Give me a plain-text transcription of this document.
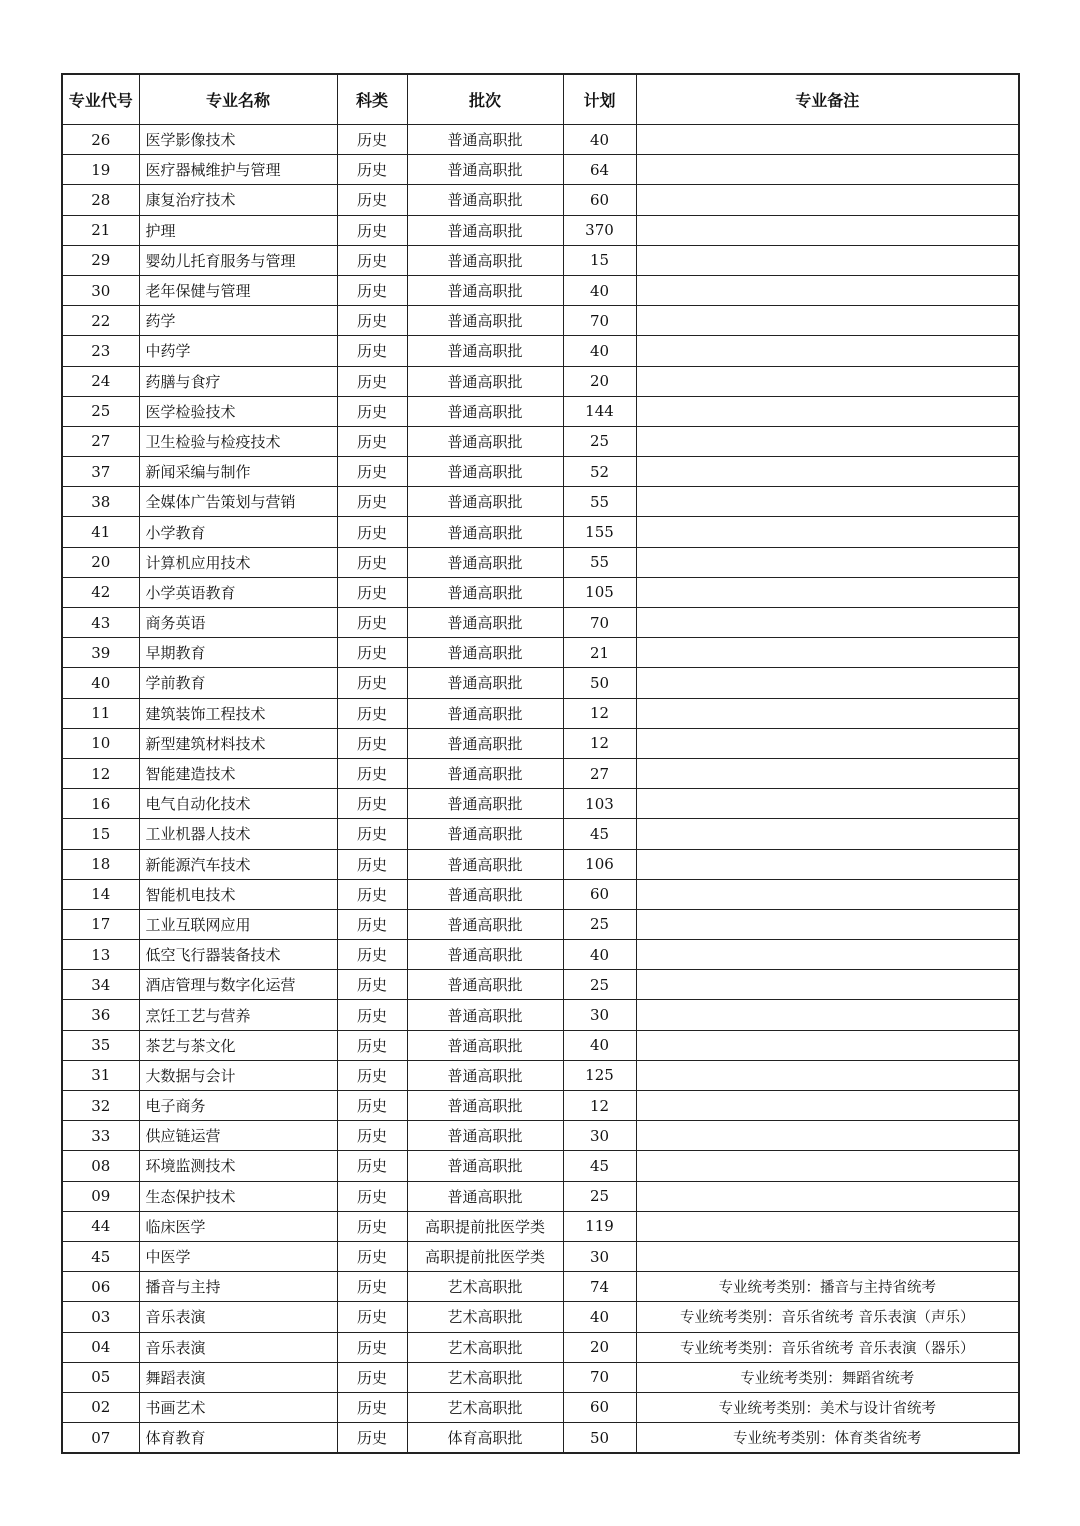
专业代号	专业名称	科类	批次	计划	专业备注
26	医学影像技术	历史	普通高职批	40	
19	医疗器械维护与管理	历史	普通高职批	64	
28	康复治疗技术	历史	普通高职批	60	
21	护理	历史	普通高职批	370	
29	婴幼儿托育服务与管理	历史	普通高职批	15	
30	老年保健与管理	历史	普通高职批	40	
22	药学	历史	普通高职批	70	
23	中药学	历史	普通高职批	40	
24	药膳与食疗	历史	普通高职批	20	
25	医学检验技术	历史	普通高职批	144	
27	卫生检验与检疫技术	历史	普通高职批	25	
37	新闻采编与制作	历史	普通高职批	52	
38	全媒体广告策划与营销	历史	普通高职批	55	
41	小学教育	历史	普通高职批	155	
20	计算机应用技术	历史	普通高职批	55	
42	小学英语教育	历史	普通高职批	105	
43	商务英语	历史	普通高职批	70	
39	早期教育	历史	普通高职批	21	
40	学前教育	历史	普通高职批	50	
11	建筑装饰工程技术	历史	普通高职批	12	
10	新型建筑材料技术	历史	普通高职批	12	
12	智能建造技术	历史	普通高职批	27	
16	电气自动化技术	历史	普通高职批	103	
15	工业机器人技术	历史	普通高职批	45	
18	新能源汽车技术	历史	普通高职批	106	
14	智能机电技术	历史	普通高职批	60	
17	工业互联网应用	历史	普通高职批	25	
13	低空飞行器装备技术	历史	普通高职批	40	
34	酒店管理与数字化运营	历史	普通高职批	25	
36	烹饪工艺与营养	历史	普通高职批	30	
35	茶艺与茶文化	历史	普通高职批	40	
31	大数据与会计	历史	普通高职批	125	
32	电子商务	历史	普通高职批	12	
33	供应链运营	历史	普通高职批	30	
08	环境监测技术	历史	普通高职批	45	
09	生态保护技术	历史	普通高职批	25	
44	临床医学	历史	高职提前批医学类	119	
45	中医学	历史	高职提前批医学类	30	
06	播音与主持	历史	艺术高职批	74	专业统考类别：播音与主持省统考
03	音乐表演	历史	艺术高职批	40	专业统考类别：音乐省统考 音乐表演（声乐）
04	音乐表演	历史	艺术高职批	20	专业统考类别：音乐省统考 音乐表演（器乐）
05	舞蹈表演	历史	艺术高职批	70	专业统考类别：舞蹈省统考
02	书画艺术	历史	艺术高职批	60	专业统考类别：美术与设计省统考
07	体育教育	历史	体育高职批	50	专业统考类别：体育类省统考
